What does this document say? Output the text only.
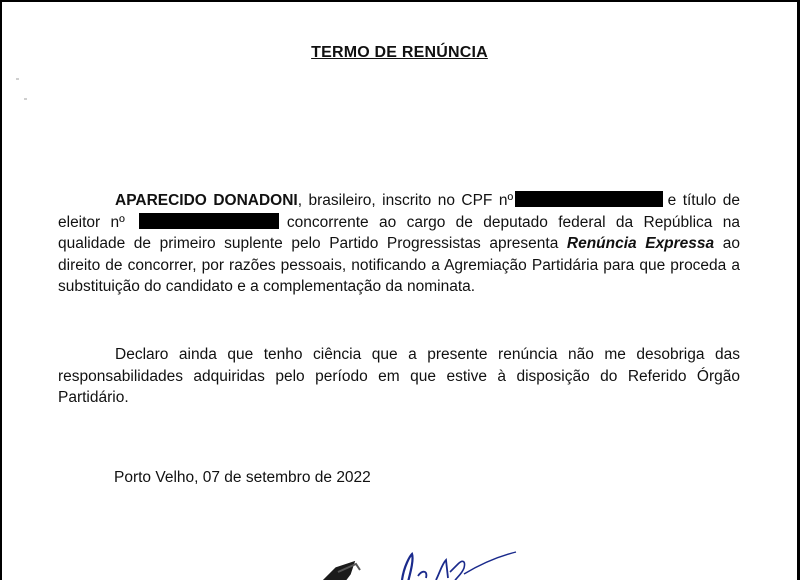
TERMO DE RENÚNCIA
APARECIDO DONADONI, brasileiro, inscrito no CPF nº	e título de eleitor nº	concorrente ao cargo de deputado federal da República na qualidade de primeiro suplente pelo Partido Progressistas apresenta Renúncia Expressa ao direito de concorrer, por razões pessoais, notificando a Agremiação Partidária para que proceda a substituição do candidato e a complementação da nominata.
Declaro ainda que tenho ciência que a presente renúncia não me desobriga das responsabilidades adquiridas pelo período em que estive à disposição do Referido Órgão Partidário.
Porto Velho, 07 de setembro de 2022
